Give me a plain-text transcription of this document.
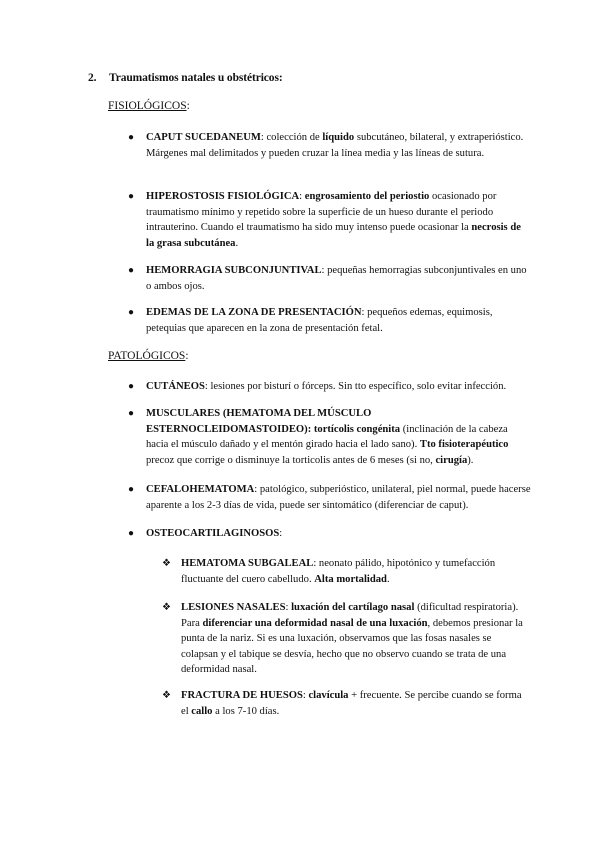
2. Traumatismos natales u obstétricos:
FISIOLÓGICOS:
● CAPUT SUCEDANEUM: colección de líquido subcutáneo, bilateral, y extraperióstico. Márgenes mal delimitados y pueden cruzar la línea media y las líneas de sutura.
● HIPEROSTOSIS FISIOLÓGICA: engrosamiento del periostio ocasionado por traumatismo mínimo y repetido sobre la superficie de un hueso durante el periodo intrauterino. Cuando el traumatismo ha sido muy intenso puede ocasionar la necrosis de la grasa subcutánea.
● HEMORRAGIA SUBCONJUNTIVAL: pequeñas hemorragias subconjuntivales en uno o ambos ojos.
● EDEMAS DE LA ZONA DE PRESENTACIÓN: pequeños edemas, equimosis, petequias que aparecen en la zona de presentación fetal.
PATOLÓGICOS:
● CUTÁNEOS: lesiones por bisturí o fórceps. Sin tto específico, solo evitar infección.
● MUSCULARES (HEMATOMA DEL MÚSCULO ESTERNOCLEIDOMASTOIDEO): tortícolis congénita (inclinación de la cabeza hacia el músculo dañado y el mentón girado hacia el lado sano). Tto fisioterapéutico precoz que corrige o disminuye la torticolis antes de 6 meses (si no, cirugía).
● CEFALOHEMATOMA: patológico, subperióstico, unilateral, piel normal, puede hacerse aparente a los 2-3 días de vida, puede ser sintomático (diferenciar de caput).
● OSTEOCARTILAGINOSOS:
❖ HEMATOMA SUBGALEAL: neonato pálido, hipotónico y tumefacción fluctuante del cuero cabelludo. Alta mortalidad.
❖ LESIONES NASALES: luxación del cartílago nasal (dificultad respiratoria). Para diferenciar una deformidad nasal de una luxación, debemos presionar la punta de la nariz. Si es una luxación, observamos que las fosas nasales se colapsan y el tabique se desvía, hecho que no observo cuando se trata de una deformidad nasal.
❖ FRACTURA DE HUESOS: clavícula + frecuente. Se percibe cuando se forma el callo a los 7-10 días.
